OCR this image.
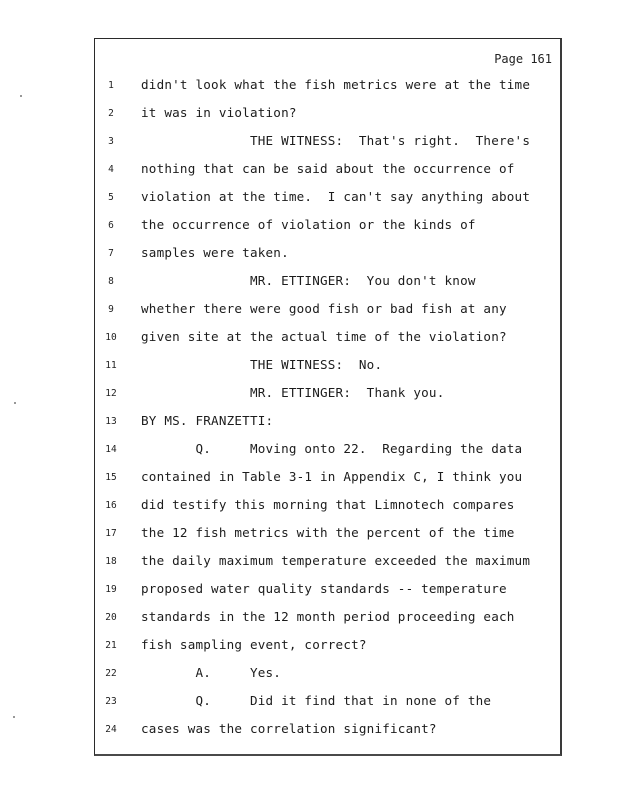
Page 161
1	didn't look what the fish metrics were at the time
2	it was in violation?
3	THE WITNESS:  That's right.  There's
4	nothing that can be said about the occurrence of
5	violation at the time.  I can't say anything about
6	the occurrence of violation or the kinds of
7	samples were taken.
8	MR. ETTINGER:  You don't know
9	whether there were good fish or bad fish at any
10	given site at the actual time of the violation?
11	THE WITNESS:  No.
12	MR. ETTINGER:  Thank you.
13	BY MS. FRANZETTI:
14	Q.     Moving onto 22.  Regarding the data
15	contained in Table 3-1 in Appendix C, I think you
16	did testify this morning that Limnotech compares
17	the 12 fish metrics with the percent of the time
18	the daily maximum temperature exceeded the maximum
19	proposed water quality standards -- temperature
20	standards in the 12 month period proceeding each
21	fish sampling event, correct?
22	A.     Yes.
23	Q.     Did it find that in none of the
24	cases was the correlation significant?
